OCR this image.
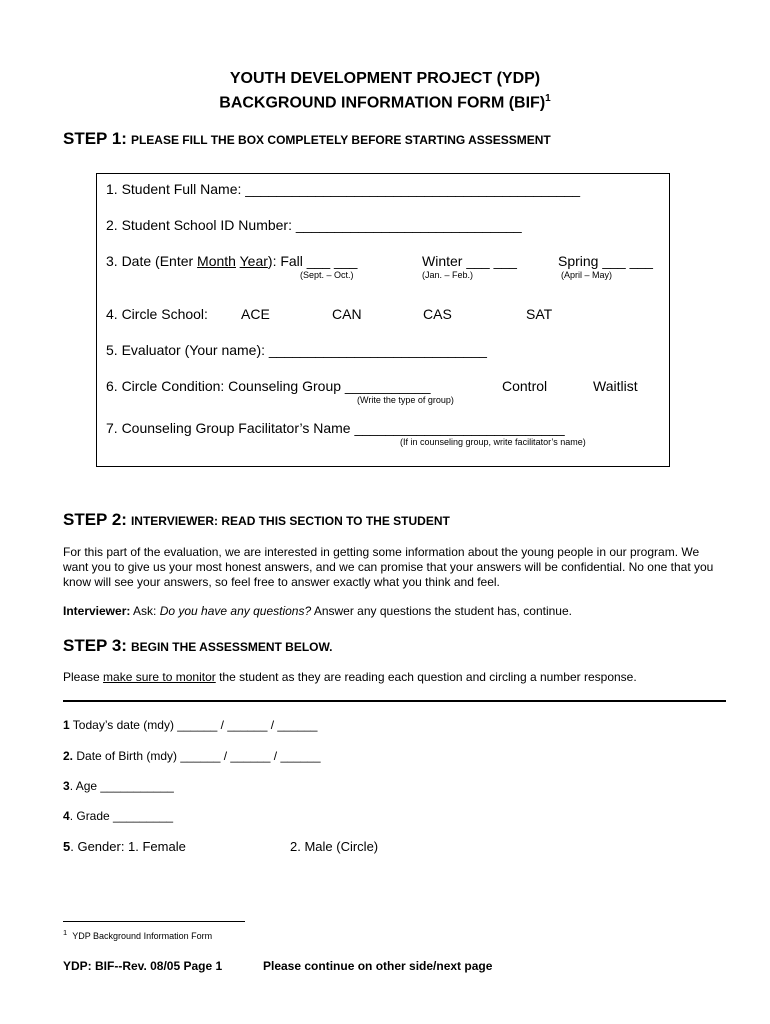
YOUTH DEVELOPMENT PROJECT (YDP)
BACKGROUND INFORMATION FORM (BIF)$^1$
STEP 1: PLEASE FILL THE BOX COMPLETELY BEFORE STARTING ASSESSMENT
1. Student Full Name: ___________________________________________
2. Student School ID Number: _____________________________
3. Date (Enter Month Year): Fall ___ ___	Winter ___ ___	Spring ___ ___
(Sept. – Oct.)	(Jan. – Feb.)	(April – May)
4. Circle School: ACE	CAN	CAS	SAT
5. Evaluator (Your name): ____________________________
6. Circle Condition: Counseling Group ___________	Control	Waitlist
(Write the type of group)
7. Counseling Group Facilitator’s Name ___________________________
(If in counseling group, write facilitator’s name)
STEP 2: INTERVIEWER: READ THIS SECTION TO THE STUDENT
For this part of the evaluation, we are interested in getting some information about the young people in our program. We want you to give us your most honest answers, and we can promise that your answers will be confidential. No one that you know will see your answers, so feel free to answer exactly what you think and feel.
Interviewer: Ask: Do you have any questions? Answer any questions the student has, continue.
STEP 3: BEGIN THE ASSESSMENT BELOW.
Please make sure to monitor the student as they are reading each question and circling a number response.
1 Today’s date (mdy) ______ / ______ / ______
2. Date of Birth (mdy) ______ / ______ / ______
3. Age ___________
4. Grade _________
5. Gender: 1. Female	2. Male (Circle)
$^1$ YDP Background Information Form
YDP: BIF--Rev. 08/05 Page 1	Please continue on other side/next page
